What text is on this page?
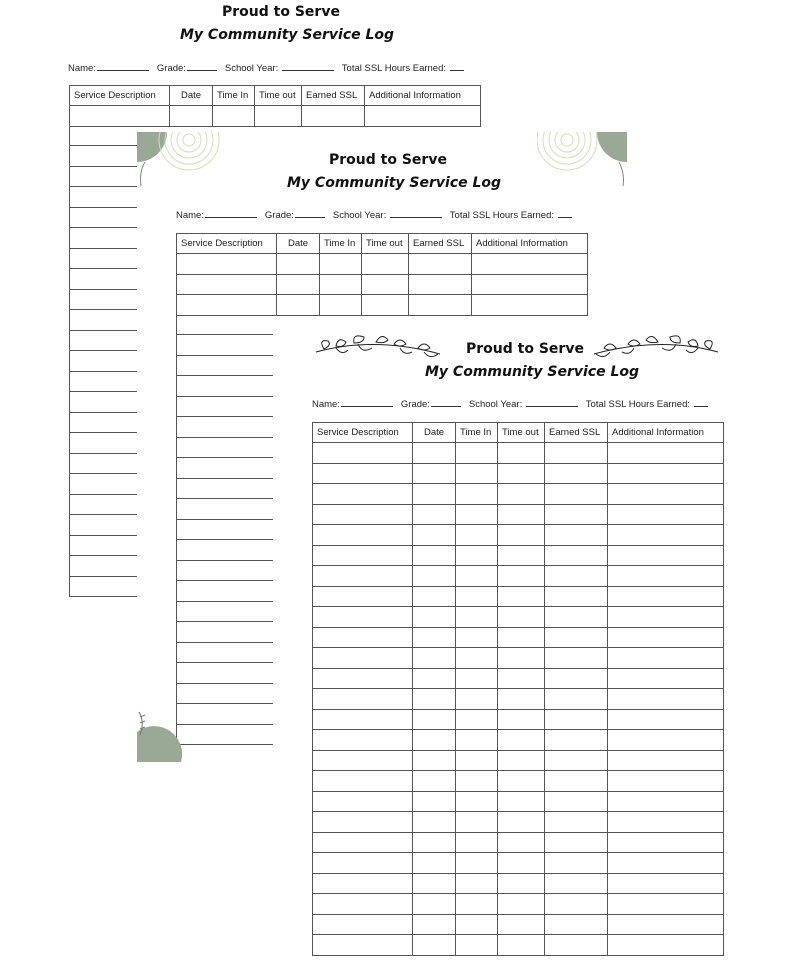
Proud to Serve
My Community Service Log
Name:	Grade:	School Year:	Total SSL Hours Earned:
Service Description	Date	Time In	Time out	Earned SSL	Additional Information

Proud to Serve
My Community Service Log
Name:	Grade:	School Year:	Total SSL Hours Earned:
Service Description	Date	Time In	Time out	Earned SSL	Additional Information

Proud to Serve
My Community Service Log
Name:	Grade:	School Year:	Total SSL Hours Earned:
Service Description	Date	Time In	Time out	Earned SSL	Additional Information
